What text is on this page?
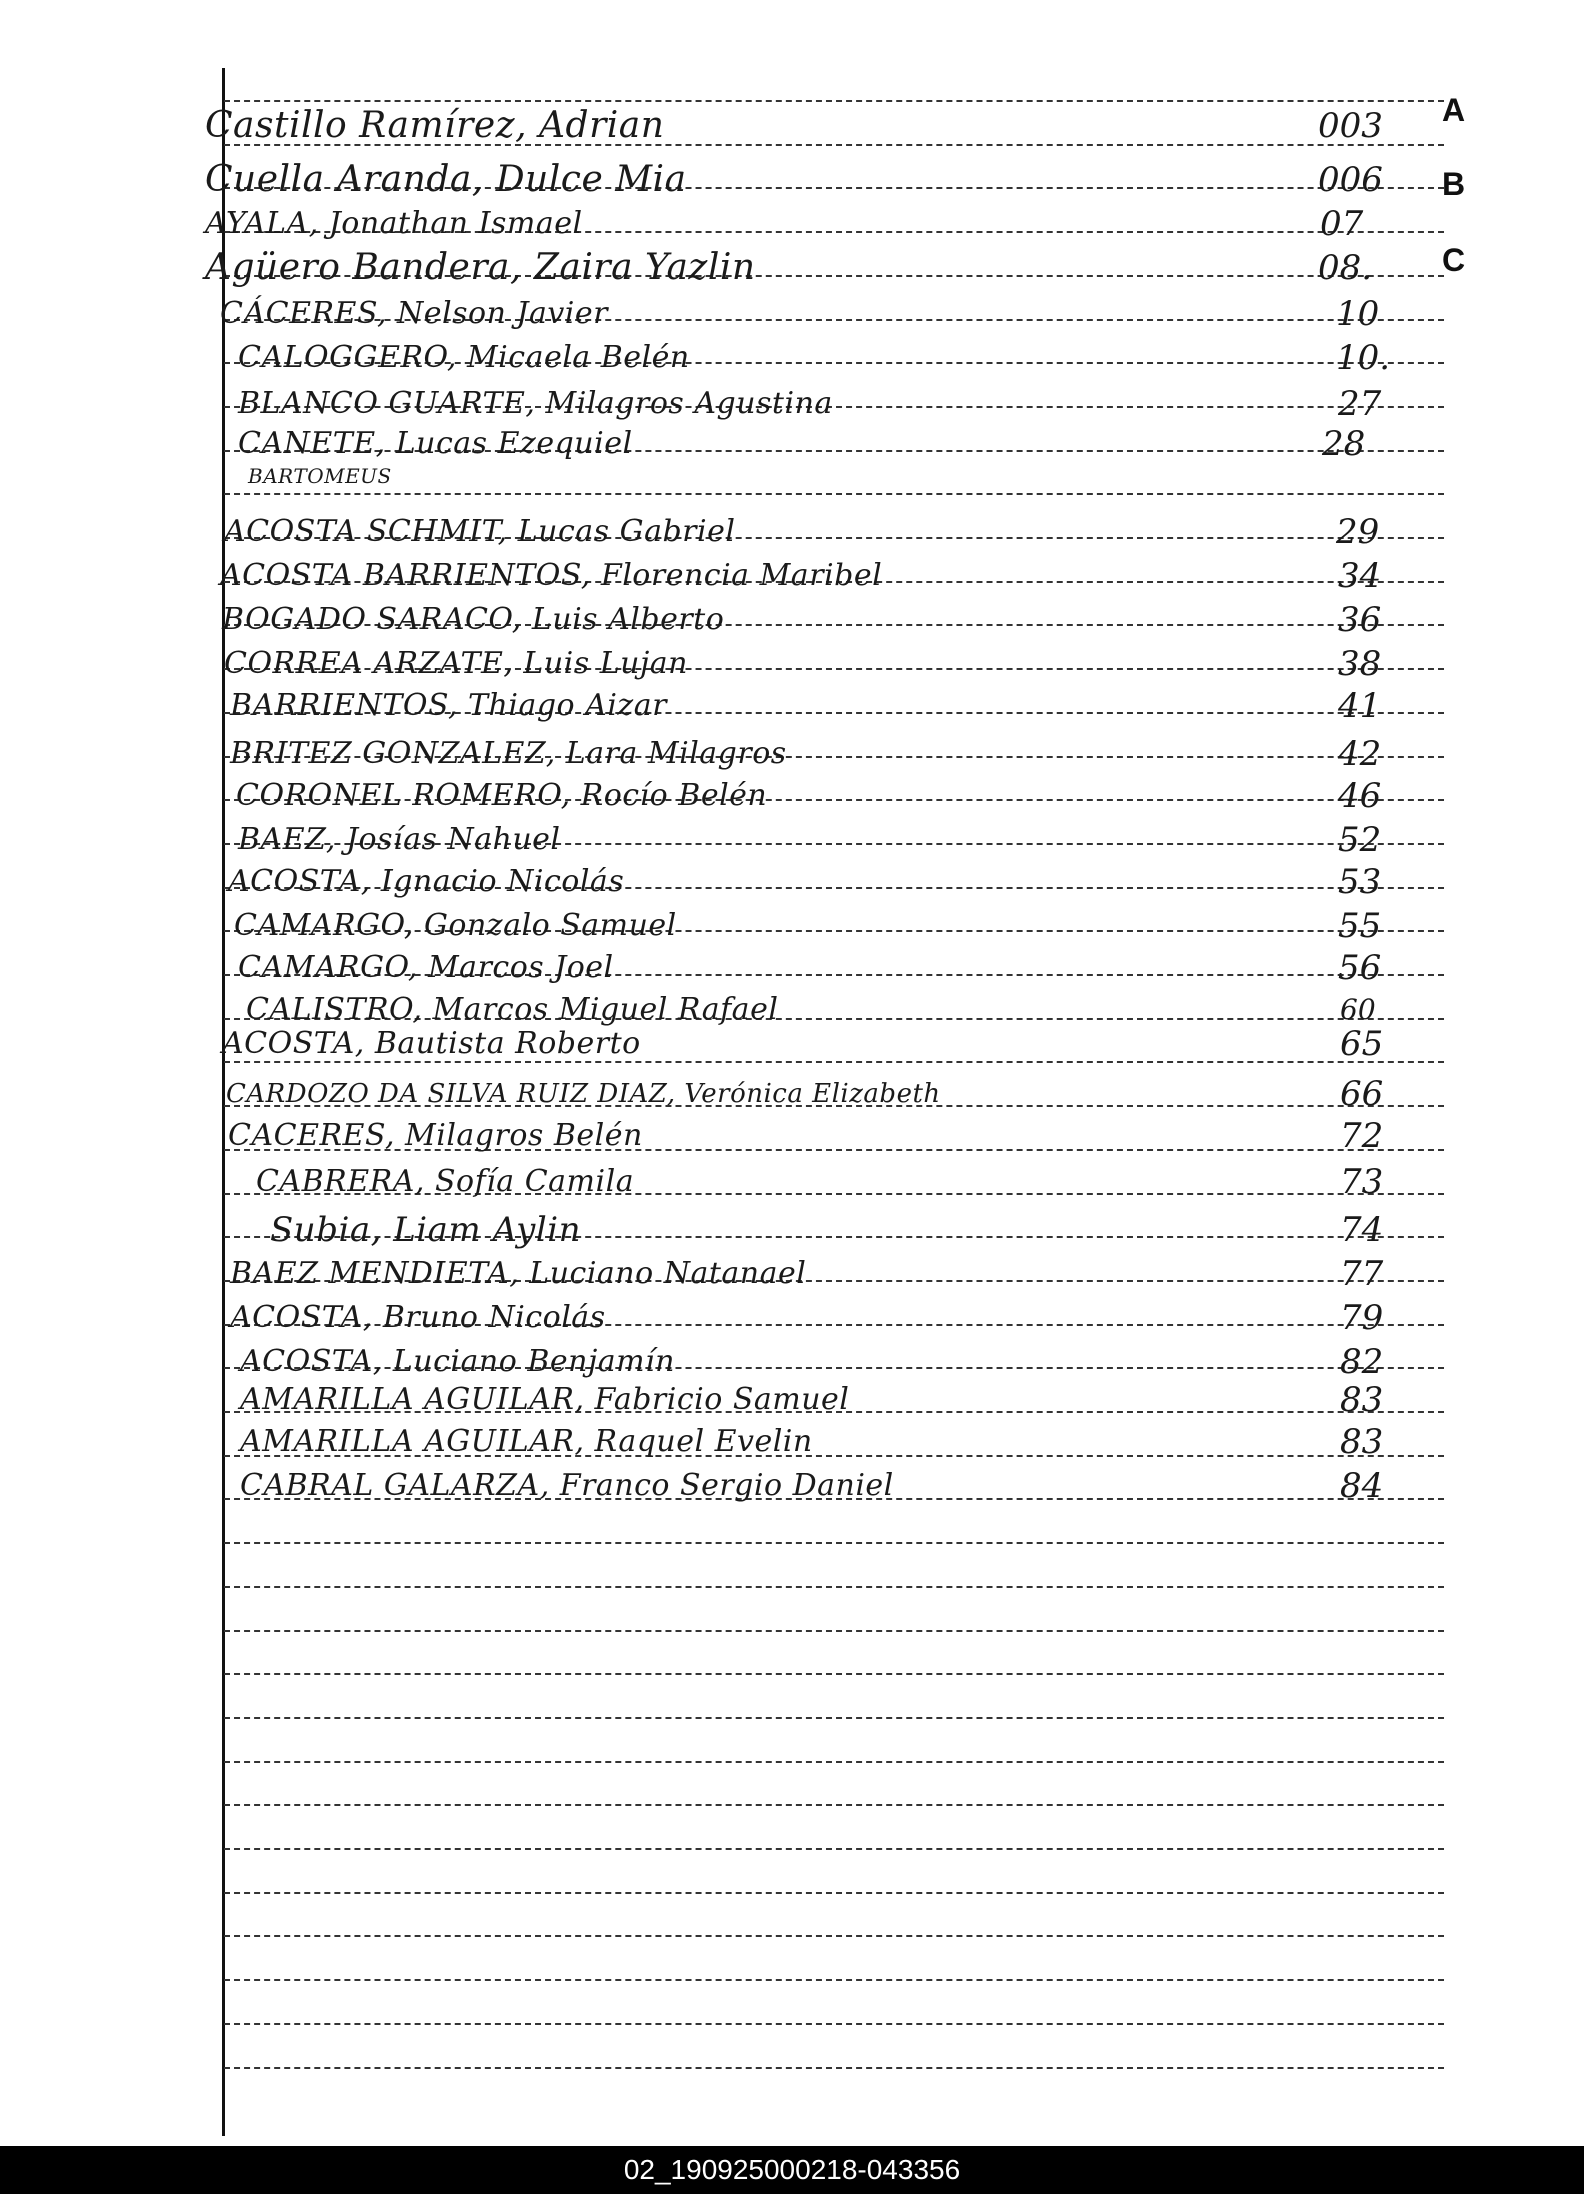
A
B
C
Castillo Ramírez, Adrian	003
Cuella Aranda, Dulce Mia	006
AYALA, Jonathan Ismael	07
Agüero Bandera, Zaira Yazlin	08.
CÁCERES, Nelson Javier	10
CALOGGERO, Micaela Belén	10.
BLANCO GUARTE, Milagros Agustina	27
CANETE, Lucas Ezequiel	28
BARTOMEUS
ACOSTA SCHMIT, Lucas Gabriel	29
ACOSTA BARRIENTOS, Florencia Maribel	34
BOGADO SARACO, Luis Alberto	36
CORREA ARZATE, Luis Lujan	38
BARRIENTOS, Thiago Aizar	41
BRITEZ GONZALEZ, Lara Milagros	42
CORONEL ROMERO, Rocío Belén	46
BAEZ, Josías Nahuel	52
ACOSTA, Ignacio Nicolás	53
CAMARGO, Gonzalo Samuel	55
CAMARGO, Marcos Joel	56
CALISTRO, Marcos Miguel Rafael	60
ACOSTA, Bautista Roberto	65
CARDOZO DA SILVA RUIZ DIAZ, Verónica Elizabeth	66
CACERES, Milagros Belén	72
CABRERA, Sofía Camila	73
Subia, Liam Aylin	74
BAEZ MENDIETA, Luciano Natanael	77
ACOSTA, Bruno Nicolás	79
ACOSTA, Luciano Benjamín	82
AMARILLA AGUILAR, Fabricio Samuel	83
AMARILLA AGUILAR, Raquel Evelin	83
CABRAL GALARZA, Franco Sergio Daniel	84
02_190925000218-043356
